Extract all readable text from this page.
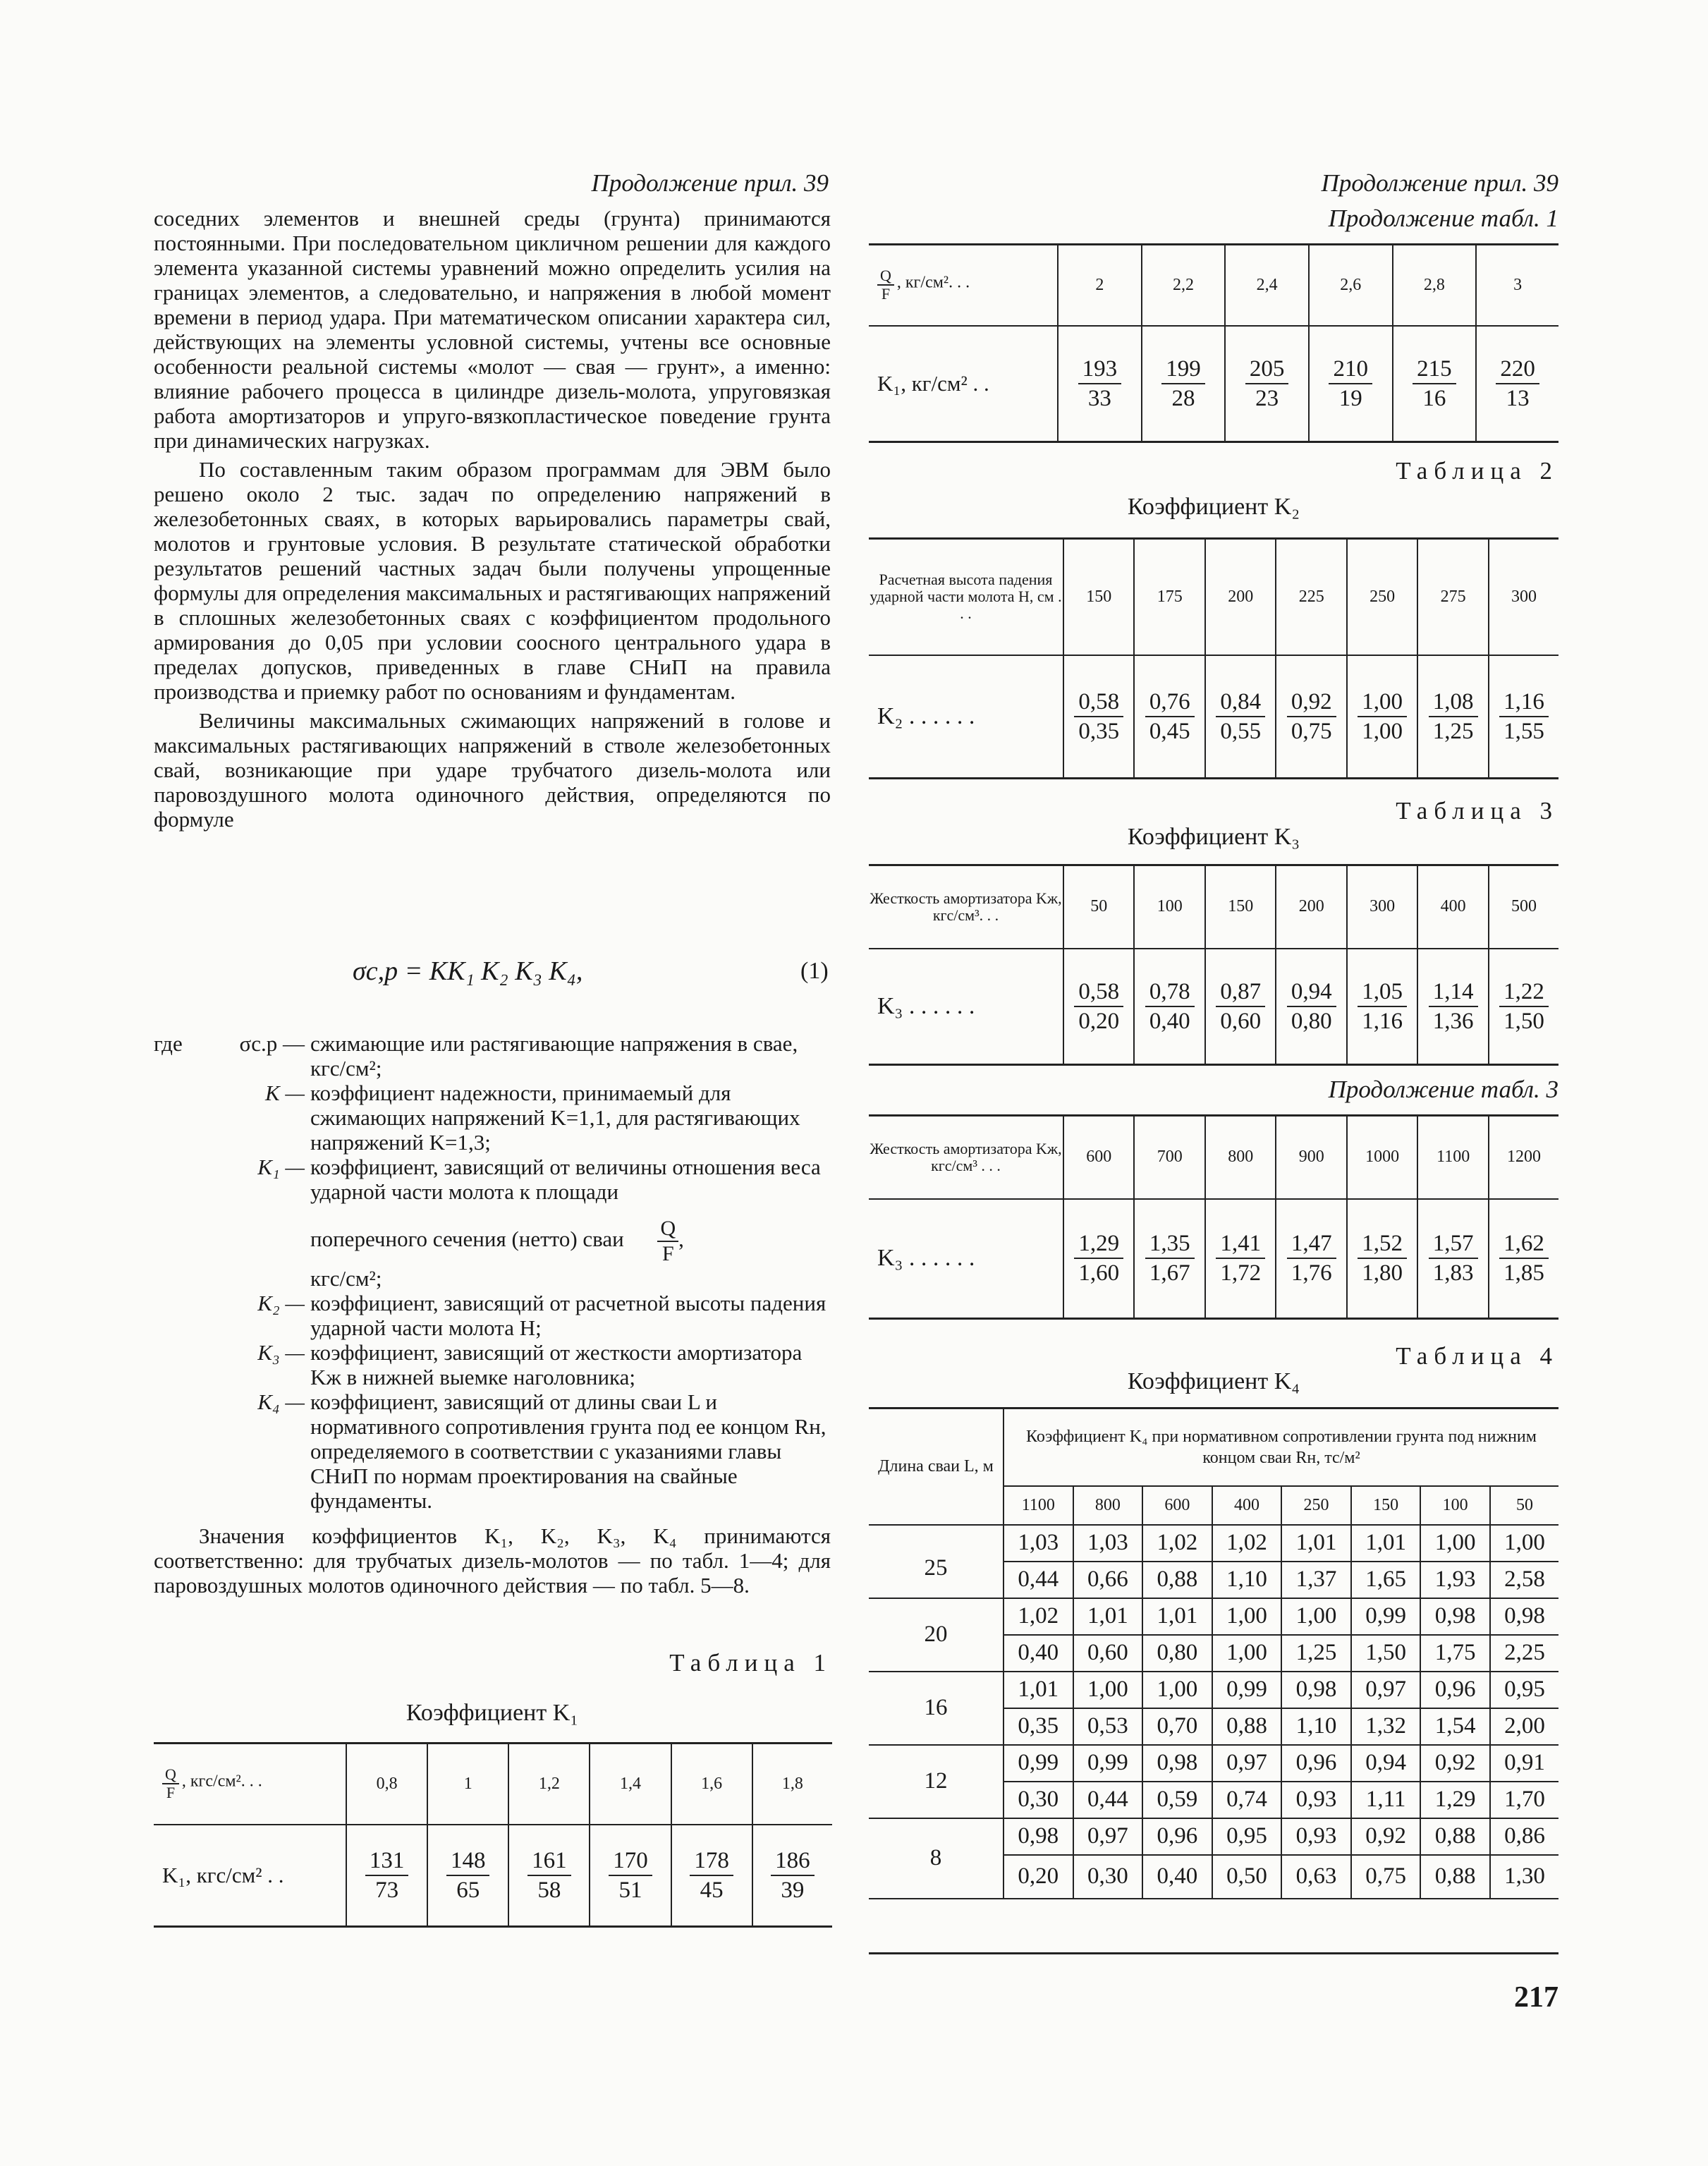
Продолжение прил. 39

соседних элементов и внешней среды (грунта) принимаются постоянными. При последовательном цикличном решении для каждого элемента указанной системы уравнений можно определить усилия на границах элементов, а следовательно, и напряжения в любой момент времени в период удара. При математическом описании характера сил, действующих на элементы условной системы, учтены все основные особенности реальной системы «молот — свая — грунт», а именно: влияние рабочего процесса в цилиндре дизель-молота, упруговязкая работа амортизаторов и упруго-вязкопластическое поведение грунта при динамических нагрузках.

По составленным таким образом программам для ЭВМ было решено около 2 тыс. задач по определению напряжений в железобетонных сваях, в которых варьировались параметры свай, молотов и грунтовые условия. В результате статической обработки результатов решений частных задач были получены упрощенные формулы для определения максимальных и растягивающих напряжений в сплошных железобетонных сваях с коэффициентом продольного армирования до 0,05 при условии соосного центрального удара в пределах допусков, приведенных в главе СНиП на правила производства и приемку работ по основаниям и фундаментам.

Величины максимальных сжимающих напряжений в голове и максимальных растягивающих напряжений в стволе железобетонных свай, возникающие при ударе трубчатого дизель-молота или паровоздушного молота одиночного действия, определяются по формуле

σс,р = KK₁ K₂ K₃ K₄,	(1)
где	σс.р — сжимающие или растягивающие напряжения в свае, кгс/см²;
K — коэффициент надежности, принимаемый для сжимающих напряжений K=1,1, для растягивающих напряжений K=1,3;
K₁ — коэффициент, зависящий от величины отношения веса ударной части молота к площади
поперечного сечения (нетто) сваи $\frac{Q}{F}$,
кгс/см²;
K₂ — коэффициент, зависящий от расчетной высоты падения ударной части молота H;
K₃ — коэффициент, зависящий от жесткости амортизатора Kж в нижней выемке наголовника;
K₄ — коэффициент, зависящий от длины сваи L и нормативного сопротивления грунта под ее концом Rн, определяемого в соответствии с указаниями главы СНиП по нормам проектирования на свайные фундаменты.

Значения коэффициентов K₁, K₂, K₃, K₄ принимаются соответственно: для трубчатых дизель-молотов — по табл. 1—4; для паровоздушных молотов одиночного действия — по табл. 5—8.

Таблица 1
Коэффициент K₁
$\frac{Q}{F}$ , кгс/см². . .	0,8	1	1,2	1,4	1,6	1,8
K₁, кгс/см² . .	$\frac{131}{73}$	$\frac{148}{65}$	$\frac{161}{58}$	$\frac{170}{51}$	$\frac{178}{45}$	$\frac{186}{39}$
Продолжение прил. 39
Продолжение табл. 1
$\frac{Q}{F}$ , кг/см². . .	2	2,2	2,4	2,6	2,8	3
K₁, кг/см² . .	$\frac{193}{33}$	$\frac{199}{28}$	$\frac{205}{23}$	$\frac{210}{19}$	$\frac{215}{16}$	$\frac{220}{13}$
Таблица 2
Коэффициент K₂
Расчетная высота падения ударной части молота H, см . . .	150	175	200	225	250	275	300
K₂ . . . . . .	$\frac{0,58}{0,35}$	$\frac{0,76}{0,45}$	$\frac{0,84}{0,55}$	$\frac{0,92}{0,75}$	$\frac{1,00}{1,00}$	$\frac{1,08}{1,25}$	$\frac{1,16}{1,55}$
Таблица 3
Коэффициент K₃
Жесткость амортизатора Kж, кгс/см³. . .	50	100	150	200	300	400	500
K₃ . . . . . .	$\frac{0,58}{0,20}$	$\frac{0,78}{0,40}$	$\frac{0,87}{0,60}$	$\frac{0,94}{0,80}$	$\frac{1,05}{1,16}$	$\frac{1,14}{1,36}$	$\frac{1,22}{1,50}$
Продолжение табл. 3
Жесткость амортизатора Kж, кгс/см³ . . .	600	700	800	900	1000	1100	1200
K₃ . . . . . .	$\frac{1,29}{1,60}$	$\frac{1,35}{1,67}$	$\frac{1,41}{1,72}$	$\frac{1,47}{1,76}$	$\frac{1,52}{1,80}$	$\frac{1,57}{1,83}$	$\frac{1,62}{1,85}$
Таблица 4
Коэффициент K₄
Длина сваи L, м	Коэффициент K₄ при нормативном сопротивлении грунта под нижним концом сваи Rн, тс/м²							
	1100	800	600	400	250	150	100	50
25	1,03	1,03	1,02	1,02	1,01	1,01	1,00	1,00
	0,44	0,66	0,88	1,10	1,37	1,65	1,93	2,58
20	1,02	1,01	1,01	1,00	1,00	0,99	0,98	0,98
	0,40	0,60	0,80	1,00	1,25	1,50	1,75	2,25
16	1,01	1,00	1,00	0,99	0,98	0,97	0,96	0,95
	0,35	0,53	0,70	0,88	1,10	1,32	1,54	2,00
12	0,99	0,99	0,98	0,97	0,96	0,94	0,92	0,91
	0,30	0,44	0,59	0,74	0,93	1,11	1,29	1,70
8	0,98	0,97	0,96	0,95	0,93	0,92	0,88	0,86
	0,20	0,30	0,40	0,50	0,63	0,75	0,88	1,30
217
